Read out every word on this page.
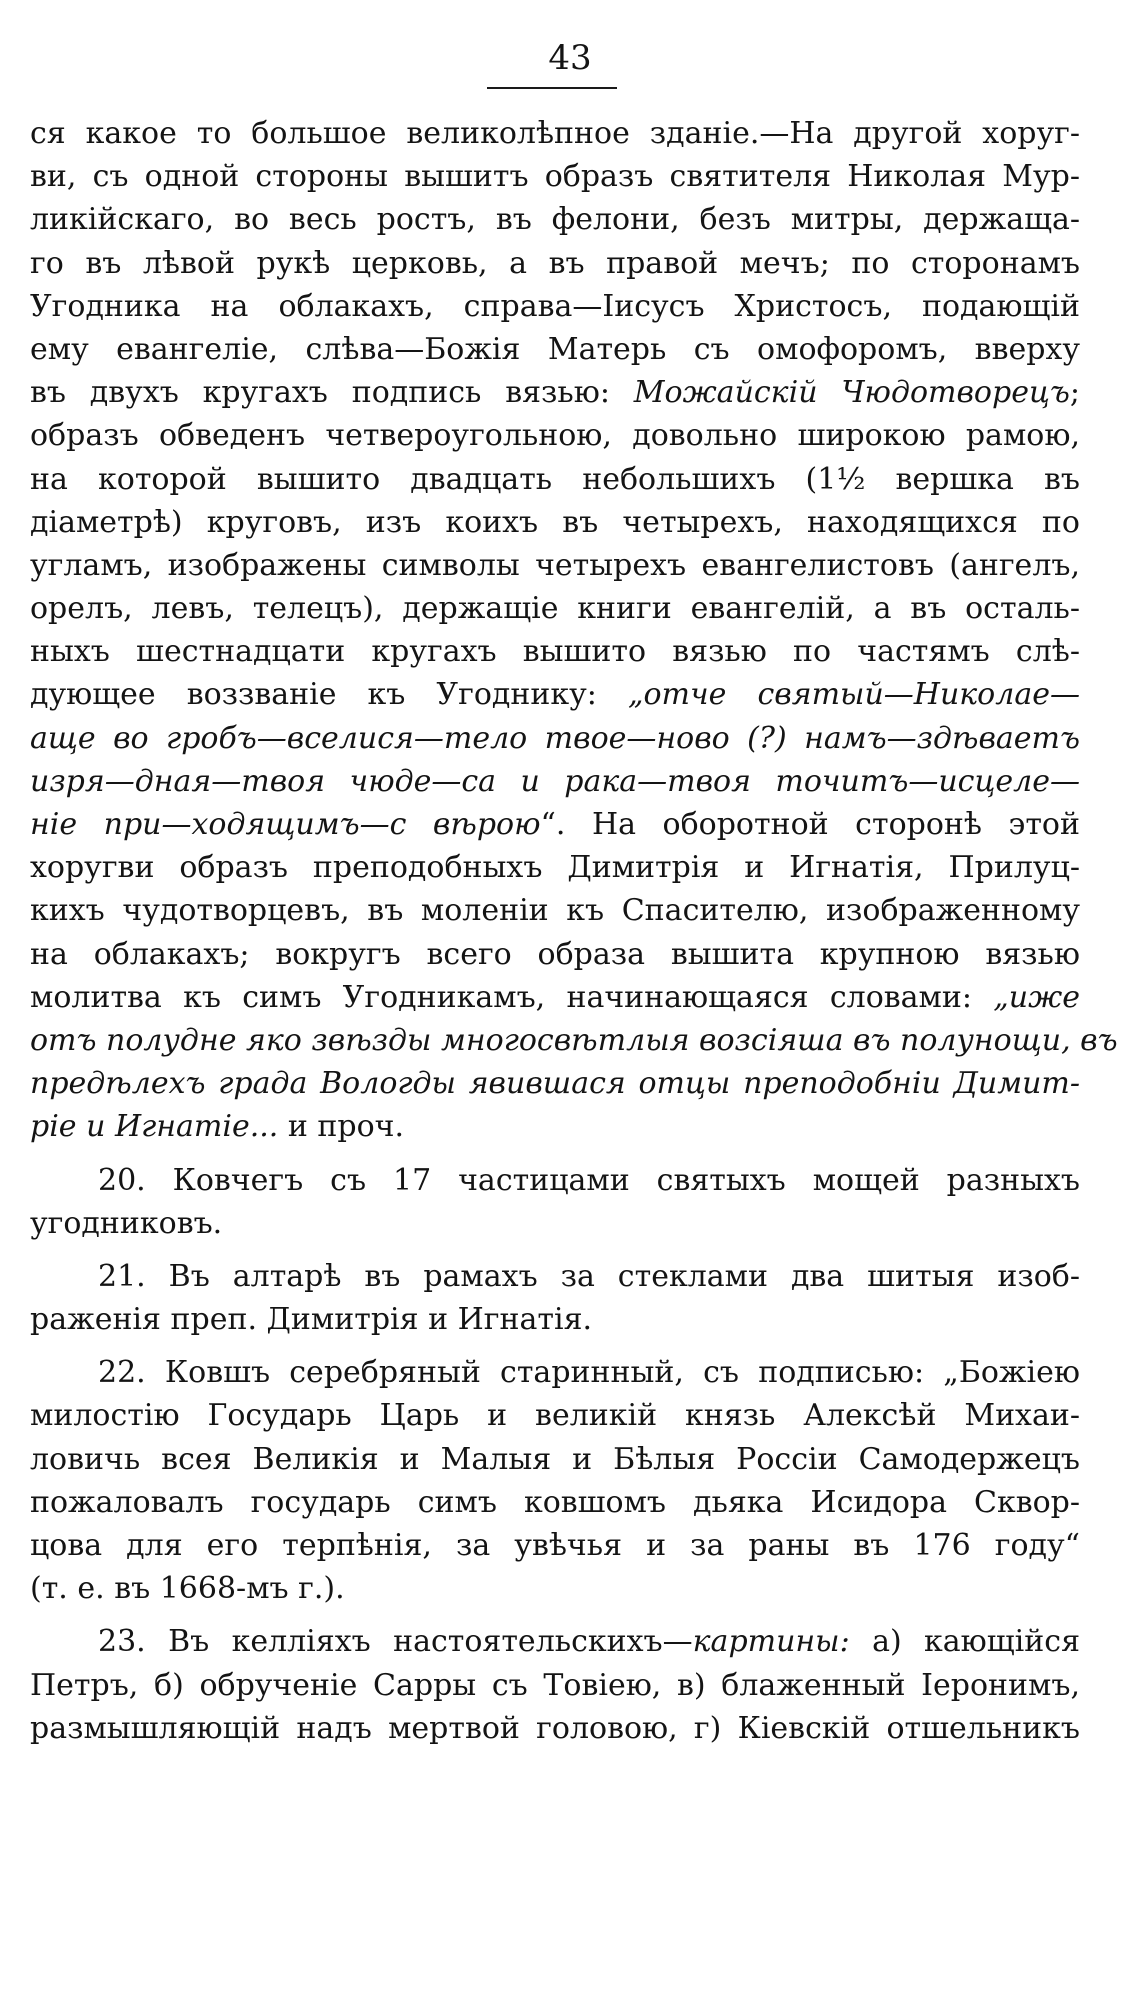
43
ся какое то большое великолѣпное зданіе.—На другой хоруг-
ви, съ одной стороны вышитъ образъ святителя Николая Мур-
ликійскаго, во весь ростъ, въ фелони, безъ митры, держаща-
го въ лѣвой рукѣ церковь, а въ правой мечъ; по сторонамъ
Угодника на облакахъ, справа—Іисусъ Христосъ, подающій
ему евангеліе, слѣва—Божія Матерь съ омофоромъ, вверху
въ двухъ кругахъ подпись вязью: Можайскій Чюдотворецъ;
образъ обведенъ четвероугольною, довольно широкою рамою,
на которой вышито двадцать небольшихъ (1½ вершка въ
діаметрѣ) круговъ, изъ коихъ въ четырехъ, находящихся по
угламъ, изображены символы четырехъ евангелистовъ (ангелъ,
орелъ, левъ, телецъ), держащіе книги евангелій, а въ осталь-
ныхъ шестнадцати кругахъ вышито вязью по частямъ слѣ-
дующее воззваніе къ Угоднику: „отче святый—Николае—
аще во гробъ—вселися—тело твое—ново (?) намъ—здѣваетъ
изря—дная—твоя чюде—са и рака—твоя точитъ—исцеле—
ніе при—ходящимъ—с вѣрою“. На оборотной сторонѣ этой
хоругви образъ преподобныхъ Димитрія и Игнатія, Прилуц-
кихъ чудотворцевъ, въ моленіи къ Спасителю, изображенному
на облакахъ; вокругъ всего образа вышита крупною вязью
молитва къ симъ Угодникамъ, начинающаяся словами: „иже
отъ полудне яко звѣзды многосвѣтлыя возсіяша въ полунощи, въ
предѣлехъ града Вологды явившася отцы преподобніи Димит-
ріе и Игнатіе... и проч.
20. Ковчегъ съ 17 частицами святыхъ мощей разныхъ
угодниковъ.
21. Въ алтарѣ въ рамахъ за стеклами два шитыя изоб-
раженія преп. Димитрія и Игнатія.
22. Ковшъ серебряный старинный, съ подписью: „Божіею
милостію Государь Царь и великій князь Алексѣй Михаи-
ловичь всея Великія и Малыя и Бѣлыя Россіи Самодержецъ
пожаловалъ государь симъ ковшомъ дьяка Исидора Сквор-
цова для его терпѣнія, за увѣчья и за раны въ 176 году“
(т. е. въ 1668-мъ г.).
23. Въ келліяхъ настоятельскихъ—картины: а) кающійся
Петръ, б) обрученіе Сарры съ Товіею, в) блаженный Іеронимъ,
размышляющій надъ мертвой головою, г) Кіевскій отшельникъ
